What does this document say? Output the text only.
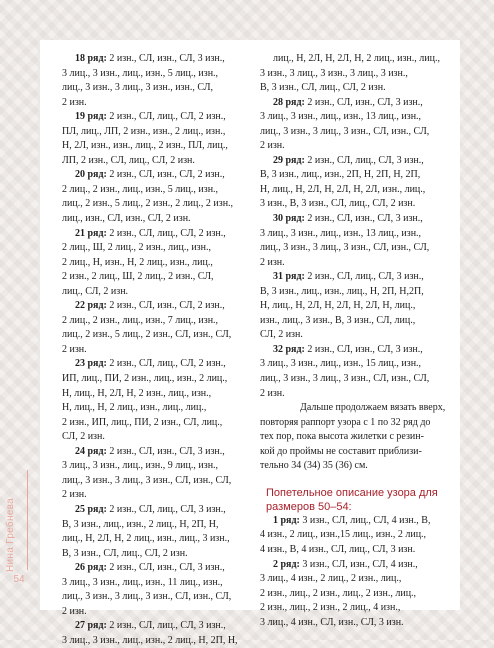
18 ряд: 2 изн., СЛ, изн., СЛ, 3 изн.,
3 лиц., 3 изн., лиц., изн., 5 лиц., изн.,
лиц., 3 изн., 3 лиц., 3 изн., изн., СЛ,
2 изн.

19 ряд: 2 изн., СЛ, лиц., СЛ, 2 изн.,
ПЛ, лиц., ЛП, 2 изн., изн., 2 лиц., изн.,
Н, 2Л, изн., изн., лиц., 2 изн., ПЛ, лиц.,
ЛП, 2 изн., СЛ, лиц., СЛ, 2 изн.

20 ряд: 2 изн., СЛ, изн., СЛ, 2 изн.,
2 лиц., 2 изн., лиц., изн., 5 лиц., изн.,
лиц., 2 изн., 5 лиц., 2 изн., 2 лиц., 2 изн.,
лиц., изн., СЛ, изн., СЛ, 2 изн.

21 ряд: 2 изн., СЛ, лиц., СЛ, 2 изн.,
2 лиц., Ш, 2 лиц., 2 изн., лиц., изн.,
2 лиц., Н, изн., Н, 2 лиц., изн., лиц.,
2 изн., 2 лиц., Ш, 2 лиц., 2 изн., СЛ,
лиц., СЛ, 2 изн.

22 ряд: 2 изн., СЛ, изн., СЛ, 2 изн.,
2 лиц., 2 изн., лиц., изн., 7 лиц., изн.,
лиц., 2 изн., 5 лиц., 2 изн., СЛ, изн., СЛ,
2 изн.

23 ряд: 2 изн., СЛ, лиц., СЛ, 2 изн.,
ИП, лиц., ПИ, 2 изн., лиц., изн., 2 лиц.,
Н, лиц., Н, 2Л, Н, 2 изн., лиц., изн.,
Н, лиц., Н, 2 лиц., изн., лиц., лиц.,
2 изн., ИП, лиц., ПИ, 2 изн., СЛ, лиц.,
СЛ, 2 изн.

24 ряд: 2 изн., СЛ, изн., СЛ, 3 изн.,
3 лиц., 3 изн., лиц., изн., 9 лиц., изн.,
лиц., 3 изн., 3 лиц., 3 изн., СЛ, изн., СЛ,
2 изн.

25 ряд: 2 изн., СЛ, лиц., СЛ, 3 изн.,
В, 3 изн., лиц., изн., 2 лиц., Н, 2П, Н,
лиц., Н, 2Л, Н, 2 лиц., изн., лиц., 3 изн.,
В, 3 изн., СЛ, лиц., СЛ, 2 изн.

26 ряд: 2 изн., СЛ, изн., СЛ, 3 изн.,
3 лиц., 3 изн., лиц., изн., 11 лиц., изн.,
лиц., 3 изн., 3 лиц., 3 изн., СЛ, изн., СЛ,
2 изн.

27 ряд: 2 изн., СЛ, лиц., СЛ, 3 изн.,
3 лиц., 3 изн., лиц., изн., 2 лиц., Н, 2П, Н,

лиц., Н, 2Л, Н, 2Л, Н, 2 лиц., изн., лиц.,
3 изн., 3 лиц., 3 изн., 3 лиц., 3 изн.,
В, 3 изн., СЛ, лиц., СЛ, 2 изн.

28 ряд: 2 изн., СЛ, изн., СЛ, 3 изн.,
3 лиц., 3 изн., лиц., изн., 13 лиц., изн.,
лиц., 3 изн., 3 лиц., 3 изн., СЛ, изн., СЛ,
2 изн.

29 ряд: 2 изн., СЛ, лиц., СЛ, 3 изн.,
В, 3 изн., лиц., изн., 2П, Н, 2П, Н, 2П,
Н, лиц., Н, 2Л, Н, 2Л, Н, 2Л, изн., лиц.,
3 изн., В, 3 изн., СЛ, лиц., СЛ, 2 изн.

30 ряд: 2 изн., СЛ, изн., СЛ, 3 изн.,
3 лиц., 3 изн., лиц., изн., 13 лиц., изн.,
лиц., 3 изн., 3 лиц., 3 изн., СЛ, изн., СЛ,
2 изн.

31 ряд: 2 изн., СЛ, лиц., СЛ, 3 изн.,
В, 3 изн., лиц., изн., лиц., Н, 2П, Н,2П,
Н, лиц., Н, 2Л, Н, 2Л, Н, 2Л, Н, лиц.,
изн., лиц., 3 изн., В, 3 изн., СЛ, лиц.,
СЛ, 2 изн.

32 ряд: 2 изн., СЛ, изн., СЛ, 3 изн.,
3 лиц., 3 изн., лиц., изн., 15 лиц., изн.,
лиц., 3 изн., 3 лиц., 3 изн., СЛ, изн., СЛ,
2 изн.

Дальше продолжаем вязать вверх,
повторяя раппорт узора с 1 по 32 ряд до
тех пор, пока высота жилетки с резин-
кой до проймы не составит приблизи-
тельно 34 (34) 35 (36) см.

Попетельное описание узора для
размеров 50–54:

1 ряд: 3 изн., СЛ, лиц., СЛ, 4 изн., В,
4 изн., 2 лиц., изн.,15 лиц., изн., 2 лиц.,
4 изн., В, 4 изн., СЛ, лиц., СЛ, 3 изн.

2 ряд: 3 изн., СЛ, изн., СЛ, 4 изн.,
3 лиц., 4 изн., 2 лиц., 2 изн., лиц.,
2 изн., лиц., 2 изн., лиц., 2 изн., лиц.,
2 изн., лиц., 2 изн., 2 лиц., 4 изн.,
3 лиц., 4 изн., СЛ, изн., СЛ, 3 изн.

Нина Гребнева
54
